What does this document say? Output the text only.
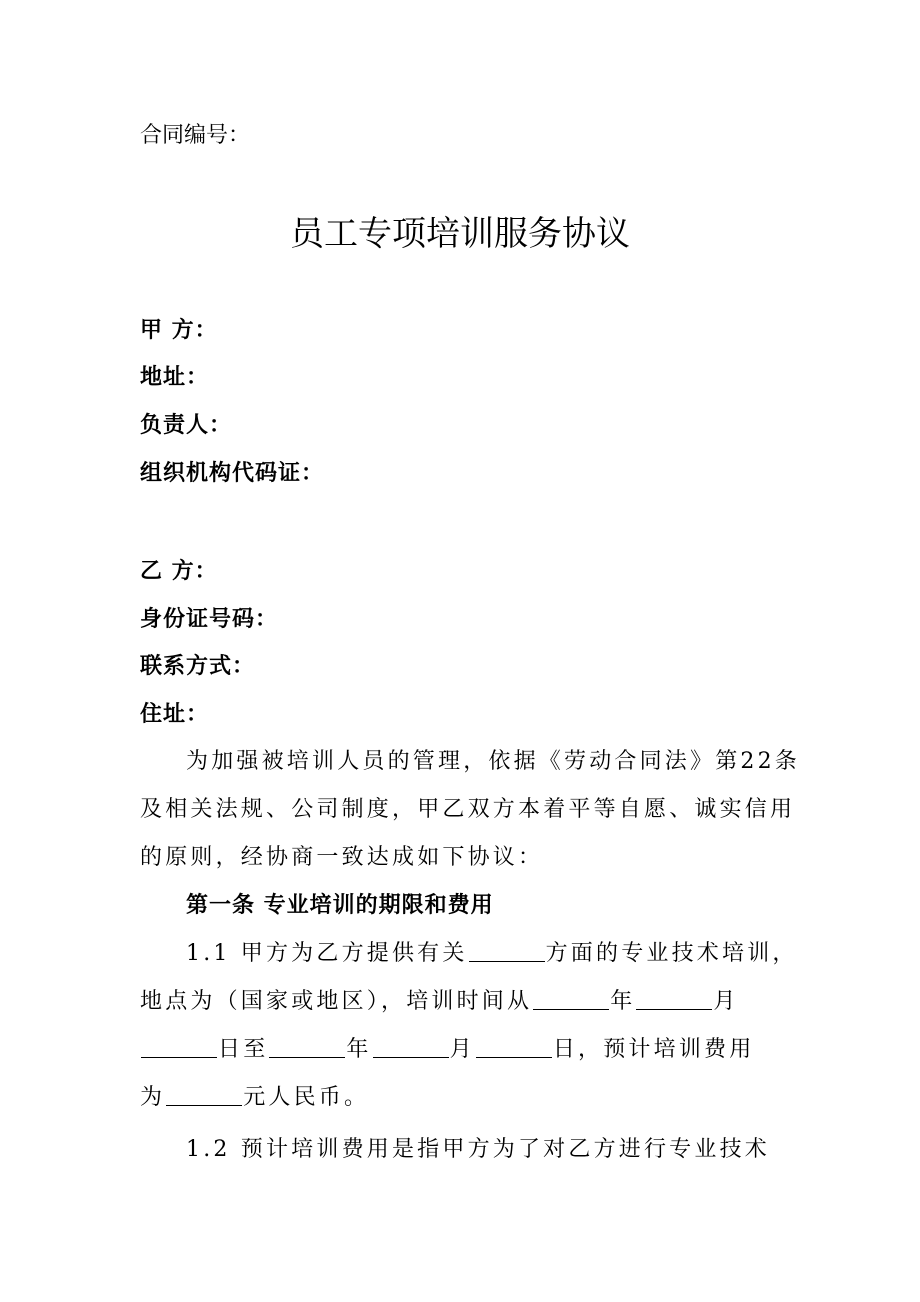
合同编号：
员工专项培训服务协议
甲 方：
地址：
负责人：
组织机构代码证：
乙 方：
身份证号码：
联系方式：
住址：
为加强被培训人员的管理，依据《劳动合同法》第22条
及相关法规、公司制度，甲乙双方本着平等自愿、诚实信用
的原则，经协商一致达成如下协议：
第一条 专业培训的期限和费用
1.1 甲方为乙方提供有关	方面的专业技术培训，
地点为（国家或地区），培训时间从	年	月
日至	年	月	日，预计培训费用
为	元人民币。
1.2 预计培训费用是指甲方为了对乙方进行专业技术
